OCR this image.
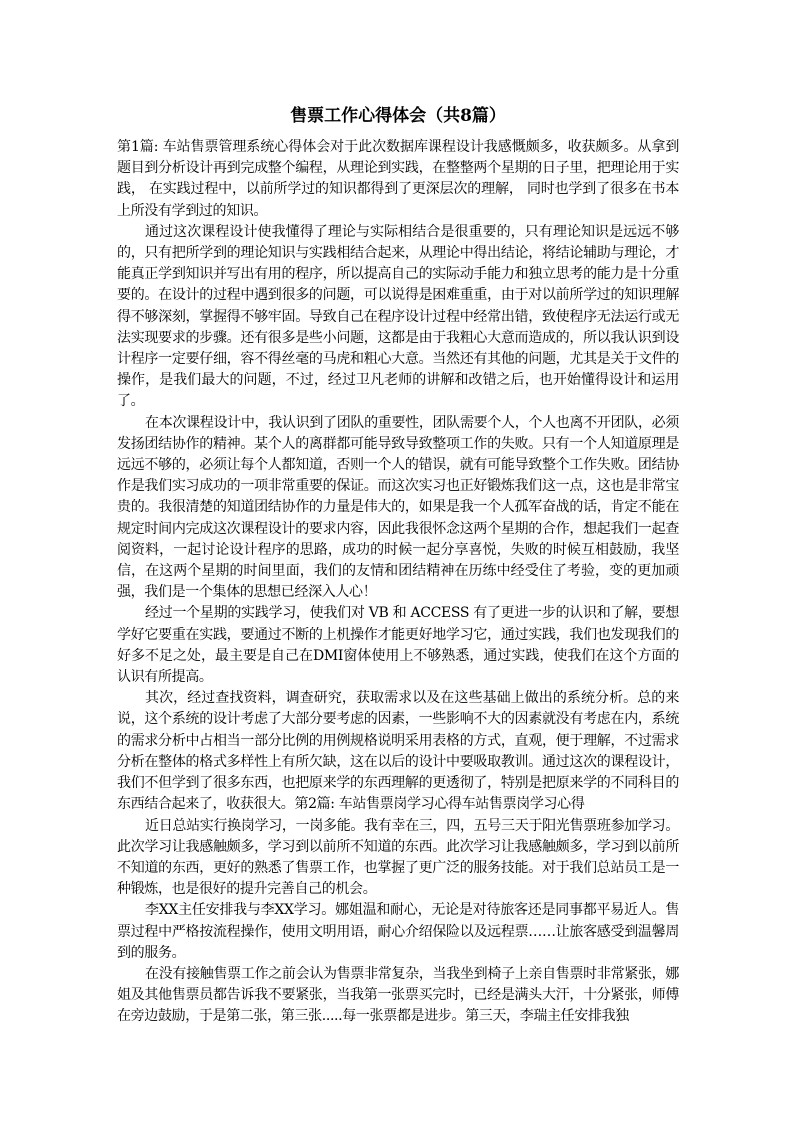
售票工作心得体会（共8篇）

第1篇: 车站售票管理系统心得体会对于此次数据库课程设计我感慨颇多，收获颇多。从拿到题目到分析设计再到完成整个编程，从理论到实践，在整整两个星期的日子里，把理论用于实践， 在实践过程中，以前所学过的知识都得到了更深层次的理解， 同时也学到了很多在书本上所没有学到过的知识。

通过这次课程设计使我懂得了理论与实际相结合是很重要的，只有理论知识是远远不够的，只有把所学到的理论知识与实践相结合起来，从理论中得出结论，将结论辅助与理论，才能真正学到知识并写出有用的程序，所以提高自己的实际动手能力和独立思考的能力是十分重要的。在设计的过程中遇到很多的问题，可以说得是困难重重，由于对以前所学过的知识理解得不够深刻，掌握得不够牢固。导致自己在程序设计过程中经常出错，致使程序无法运行或无法实现要求的步骤。还有很多是些小问题，这都是由于我粗心大意而造成的，所以我认识到设计程序一定要仔细，容不得丝毫的马虎和粗心大意。当然还有其他的问题，尤其是关于文件的操作，是我们最大的问题，不过，经过卫凡老师的讲解和改错之后，也开始懂得设计和运用了。

在本次课程设计中，我认识到了团队的重要性，团队需要个人，个人也离不开团队，必须发扬团结协作的精神。某个人的离群都可能导致导致整项工作的失败。只有一个人知道原理是远远不够的，必须让每个人都知道，否则一个人的错误，就有可能导致整个工作失败。团结协作是我们实习成功的一项非常重要的保证。而这次实习也正好锻炼我们这一点，这也是非常宝贵的。我很清楚的知道团结协作的力量是伟大的，如果是我一个人孤军奋战的话，肯定不能在规定时间内完成这次课程设计的要求内容，因此我很怀念这两个星期的合作，想起我们一起查阅资料，一起讨论设计程序的思路，成功的时候一起分享喜悦，失败的时候互相鼓励，我坚信，在这两个星期的时间里面，我们的友情和团结精神在历练中经受住了考验，变的更加顽强，我们是一个集体的思想已经深入人心！

经过一个星期的实践学习，使我们对 VB 和 ACCESS 有了更进一步的认识和了解，要想学好它要重在实践，要通过不断的上机操作才能更好地学习它，通过实践，我们也发现我们的好多不足之处，最主要是自己在DMI窗体使用上不够熟悉，通过实践，使我们在这个方面的认识有所提高。

其次，经过查找资料，调查研究，获取需求以及在这些基础上做出的系统分析。总的来说，这个系统的设计考虑了大部分要考虑的因素，一些影响不大的因素就没有考虑在内，系统的需求分析中占相当一部分比例的用例规格说明采用表格的方式，直观，便于理解，不过需求分析在整体的格式多样性上有所欠缺，这在以后的设计中要吸取教训。通过这次的课程设计，我们不但学到了很多东西，也把原来学的东西理解的更透彻了，特别是把原来学的不同科目的东西结合起来了，收获很大。第2篇: 车站售票岗学习心得车站售票岗学习心得

近日总站实行换岗学习，一岗多能。我有幸在三，四，五号三天于阳光售票班参加学习。此次学习让我感触颇多，学习到以前所不知道的东西。此次学习让我感触颇多，学习到以前所不知道的东西，更好的熟悉了售票工作，也掌握了更广泛的服务技能。对于我们总站员工是一种锻炼，也是很好的提升完善自己的机会。

李XX主任安排我与李XX学习。娜姐温和耐心，无论是对待旅客还是同事都平易近人。售票过程中严格按流程操作，使用文明用语，耐心介绍保险以及远程票……让旅客感受到温馨周到的服务。

在没有接触售票工作之前会认为售票非常复杂，当我坐到椅子上亲自售票时非常紧张，娜姐及其他售票员都告诉我不要紧张，当我第一张票买完时，已经是满头大汗，十分紧张，师傅在旁边鼓励，于是第二张，第三张.....每一张票都是进步。第三天，李瑞主任安排我独
